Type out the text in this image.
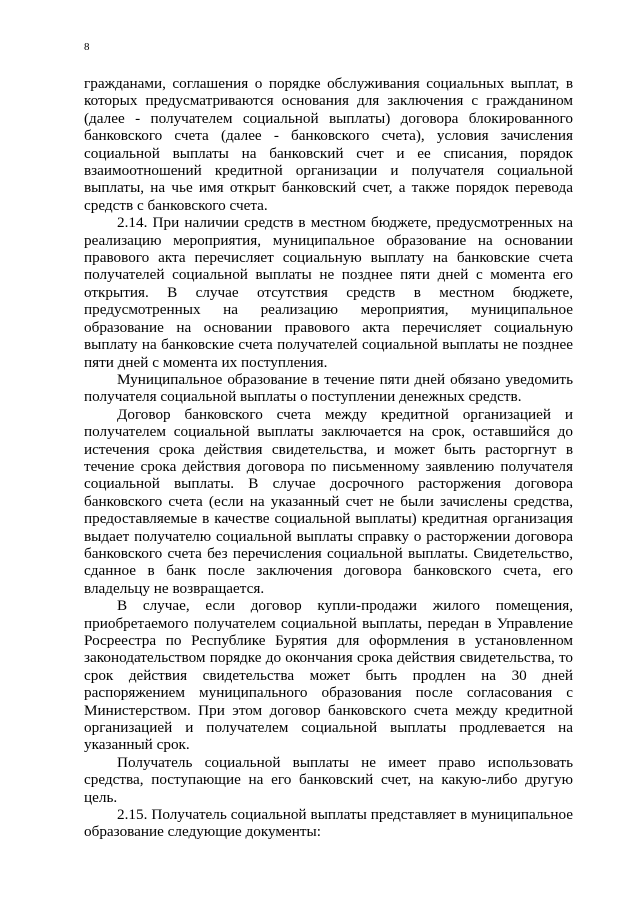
8

гражданами, соглашения о порядке обслуживания социальных выплат, в которых предусматриваются основания для заключения с гражданином (далее - получателем социальной выплаты) договора блокированного банковского счета (далее - банковского счета), условия зачисления социальной выплаты на банковский счет и ее списания, порядок взаимоотношений кредитной организации и получателя социальной выплаты, на чье имя открыт банковский счет, а также порядок перевода средств с банковского счета.

2.14. При наличии средств в местном бюджете, предусмотренных на реализацию мероприятия, муниципальное образование на основании правового акта перечисляет социальную выплату на банковские счета получателей социальной выплаты не позднее пяти дней с момента его открытия. В случае отсутствия средств в местном бюджете, предусмотренных на реализацию мероприятия, муниципальное образование на основании правового акта перечисляет социальную выплату на банковские счета получателей социальной выплаты не позднее пяти дней с момента их поступления.

Муниципальное образование в течение пяти дней обязано уведомить получателя социальной выплаты о поступлении денежных средств.

Договор банковского счета между кредитной организацией и получателем социальной выплаты заключается на срок, оставшийся до истечения срока действия свидетельства, и может быть расторгнут в течение срока действия договора по письменному заявлению получателя социальной выплаты. В случае досрочного расторжения договора банковского счета (если на указанный счет не были зачислены средства, предоставляемые в качестве социальной выплаты) кредитная организация выдает получателю социальной выплаты справку о расторжении договора банковского счета без перечисления социальной выплаты. Свидетельство, сданное в банк после заключения договора банковского счета, его владельцу не возвращается.

В случае, если договор купли-продажи жилого помещения, приобретаемого получателем социальной выплаты, передан в Управление Росреестра по Республике Бурятия для оформления в установленном законодательством порядке до окончания срока действия свидетельства, то срок действия свидетельства может быть продлен на 30 дней распоряжением муниципального образования после согласования с Министерством. При этом договор банковского счета между кредитной организацией и получателем социальной выплаты продлевается на указанный срок.

Получатель социальной выплаты не имеет право использовать средства, поступающие на его банковский счет, на какую-либо другую цель.

2.15. Получатель социальной выплаты представляет в муниципальное образование следующие документы:
